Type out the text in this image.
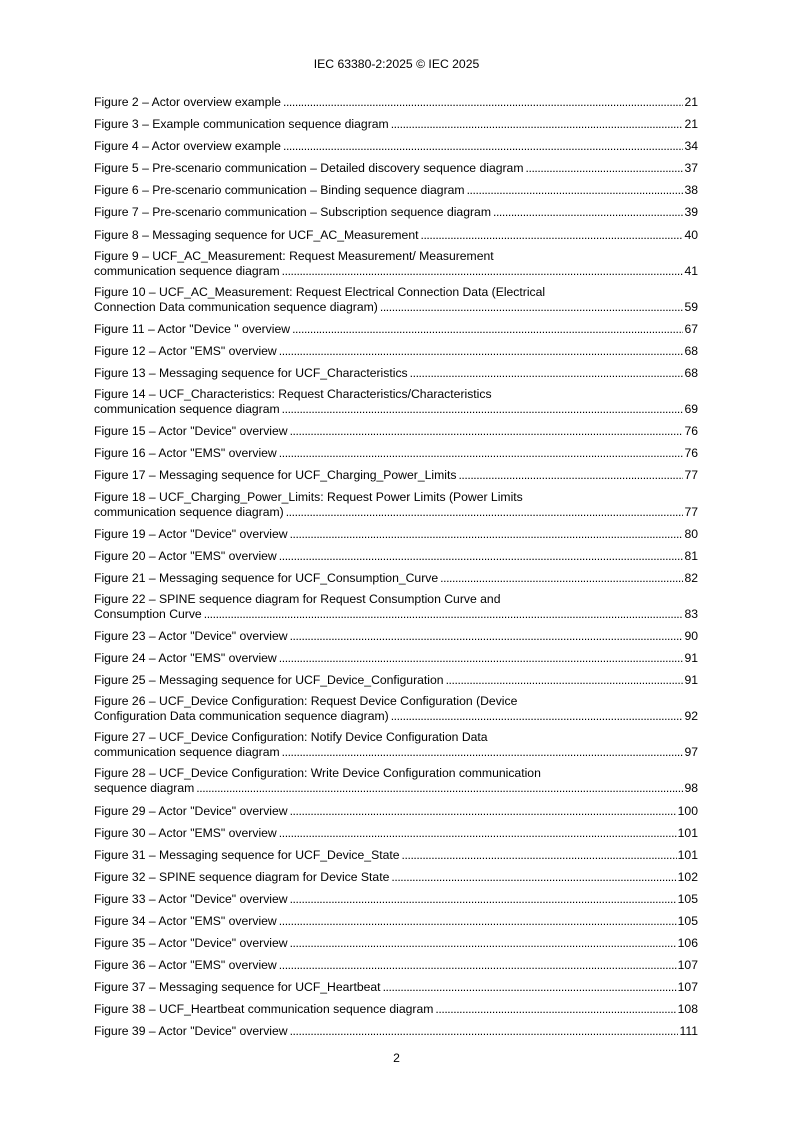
IEC 63380-2:2025 © IEC 2025
Figure 2 – Actor overview example . . .	21
Figure 3 – Example communication sequence diagram . . .	21
Figure 4 – Actor overview example . . .	34
Figure 5 – Pre-scenario communication – Detailed discovery sequence diagram . . .	37
Figure 6 – Pre-scenario communication – Binding sequence diagram . . .	38
Figure 7 – Pre-scenario communication – Subscription sequence diagram . . .	39
Figure 8 – Messaging sequence for UCF_AC_Measurement . . .	40
Figure 9 – UCF_AC_Measurement: Request Measurement/ Measurement
communication sequence diagram . . .	41
Figure 10 – UCF_AC_Measurement: Request Electrical Connection Data (Electrical
Connection Data communication sequence diagram) . . .	59
Figure 11 – Actor "Device " overview . . .	67
Figure 12 – Actor "EMS" overview . . .	68
Figure 13 – Messaging sequence for UCF_Characteristics . . .	68
Figure 14 – UCF_Characteristics: Request Characteristics/Characteristics
communication sequence diagram . . .	69
Figure 15 – Actor "Device" overview . . .	76
Figure 16 – Actor "EMS" overview . . .	76
Figure 17 – Messaging sequence for UCF_Charging_Power_Limits . . .	77
Figure 18 – UCF_Charging_Power_Limits: Request Power Limits (Power Limits
communication sequence diagram) . . .	77
Figure 19 – Actor "Device" overview . . .	80
Figure 20 – Actor "EMS" overview . . .	81
Figure 21 – Messaging sequence for UCF_Consumption_Curve . . .	82
Figure 22 – SPINE sequence diagram for Request Consumption Curve and
Consumption Curve . . .	83
Figure 23 – Actor "Device" overview . . .	90
Figure 24 – Actor "EMS" overview . . .	91
Figure 25 – Messaging sequence for UCF_Device_Configuration . . .	91
Figure 26 – UCF_Device Configuration: Request Device Configuration (Device
Configuration Data communication sequence diagram) . . .	92
Figure 27 – UCF_Device Configuration: Notify Device Configuration Data
communication sequence diagram . . .	97
Figure 28 – UCF_Device Configuration: Write Device Configuration communication
sequence diagram . . .	98
Figure 29 – Actor "Device" overview . . .	100
Figure 30 – Actor "EMS" overview . . .	101
Figure 31 – Messaging sequence for UCF_Device_State . . .	101
Figure 32 – SPINE sequence diagram for Device State . . .	102
Figure 33 – Actor "Device" overview . . .	105
Figure 34 – Actor "EMS" overview . . .	105
Figure 35 – Actor "Device" overview . . .	106
Figure 36 – Actor "EMS" overview . . .	107
Figure 37 – Messaging sequence for UCF_Heartbeat . . .	107
Figure 38 – UCF_Heartbeat communication sequence diagram . . .	108
Figure 39 – Actor "Device" overview . . .	111
2
